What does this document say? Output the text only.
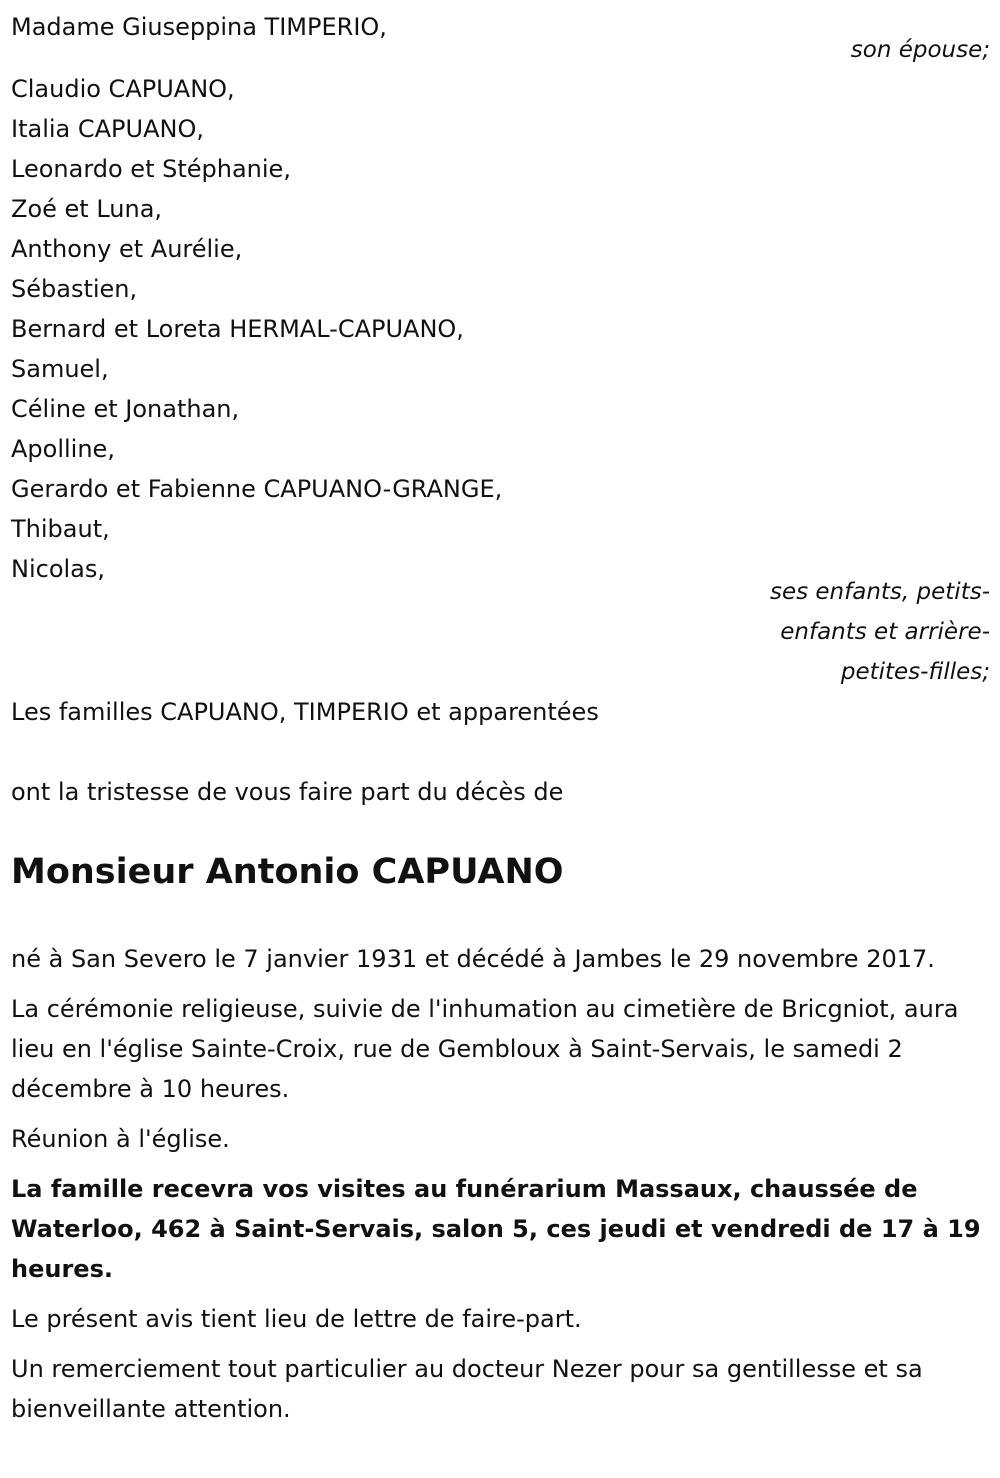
Madame Giuseppina TIMPERIO,

son épouse;

Claudio CAPUANO,

Italia CAPUANO,

Leonardo et Stéphanie,

Zoé et Luna,

Anthony et Aurélie,

Sébastien,

Bernard et Loreta HERMAL-CAPUANO,

Samuel,

Céline et Jonathan,

Apolline,

Gerardo et Fabienne CAPUANO-GRANGE,

Thibaut,

Nicolas,

ses enfants, petits-

enfants et arrière-

petites-filles;

Les familles CAPUANO, TIMPERIO et apparentées

ont la tristesse de vous faire part du décès de

Monsieur Antonio CAPUANO

né à San Severo le 7 janvier 1931 et décédé à Jambes le 29 novembre 2017.

La cérémonie religieuse, suivie de l'inhumation au cimetière de Bricgniot, aura lieu en l'église Sainte-Croix, rue de Gembloux à Saint-Servais, le samedi 2 décembre à 10 heures.

Réunion à l'église.

La famille recevra vos visites au funérarium Massaux, chaussée de Waterloo, 462 à Saint-Servais, salon 5, ces jeudi et vendredi de 17 à 19 heures.

Le présent avis tient lieu de lettre de faire-part.

Un remerciement tout particulier au docteur Nezer pour sa gentillesse et sa bienveillante attention.
